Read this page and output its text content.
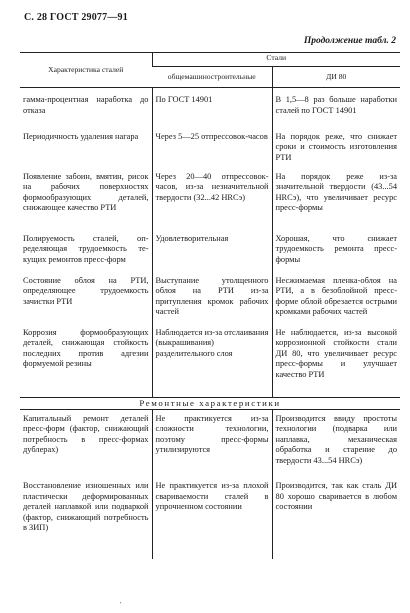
С. 28 ГОСТ 29077—91
Продолжение табл. 2
Характеристика сталей	Стали	
	общемашиностроительные	ДИ 80
гамма-процентная наработка до отказа	По ГОСТ 14901	В 1,5—8 раз больше наработки сталей по ГОСТ 14901
Периодичность удаления нагара	Через 5—25 отпрессовок-часов	На порядок реже, что снижает сроки и стоимость изготовления РТИ
Появление забоин, вмятин, рисок на рабочих поверхностях формообразующих деталей, снижающее качество РТИ	Через 20—40 отпрессовок-часов, из-за незначительной твердости (32...42 HRCэ)	На порядок реже из-за значительной твердости (43...54 HRCэ), что увеличивает ресурс пресс-формы
Полируемость сталей, определяющая трудоемкость текущих ремонтов пресс-форм	Удовлетворительная	Хорошая, что снижает трудоемкость ремонта пресс-формы
Состояние облоя на РТИ, определяющее трудоемкость зачистки РТИ	Выступание утолщенного облоя на РТИ из-за притупления кромок рабочих частей	Несжимаемая пленка-облоя на РТИ, а в безоблойной пресс-форме облой обрезается острыми кромками рабочих частей
Коррозия формообразующих деталей, снижающая стойкость последних против адгезии формуемой резины	Наблюдается из-за отслаивания (выкрашивания) разделительного слоя	Не наблюдается, из-за высокой коррозионной стойкости стали ДИ 80, что увеличивает ресурс пресс-формы и улучшает качество РТИ
Ремонтные характеристики		
Капитальный ремонт деталей пресс-форм (фактор, снижающий потребность в пресс-формах дублерах)	Не практикуется из-за сложности технологии, поэтому пресс-формы утилизируются	Производится ввиду простоты технологии (подварка или наплавка, механическая обработка и старение до твердости 43...54 HRCэ)
Восстановление изношенных или пластически деформированных деталей наплавкой или подваркой (фактор, снижающий потребность в ЗИП)	Не практикуется из-за плохой свариваемости сталей в упрочненном состоянии	Производится, так как сталь ДИ 80 хорошо сваривается в любом состоянии
'
